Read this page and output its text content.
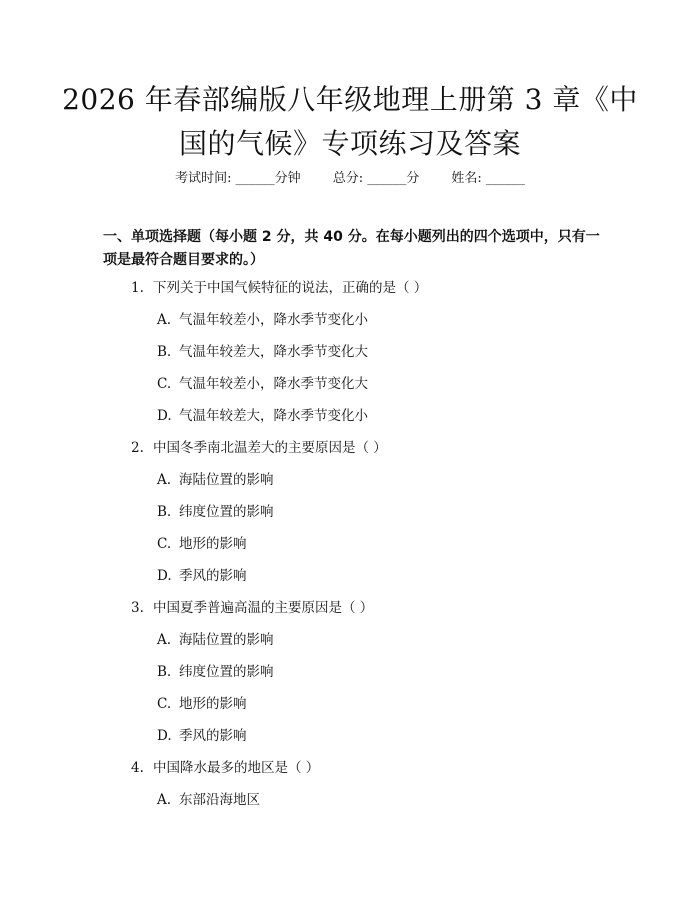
2026 年春部编版八年级地理上册第 3 章《中
国的气候》专项练习及答案
考试时间: ______分钟 总分: ______分 姓名: ______
一、单项选择题（每小题 2 分，共 40 分。在每小题列出的四个选项中，只有一项是最符合题目要求的。）
1. 下列关于中国气候特征的说法，正确的是（ ）
A. 气温年较差小，降水季节变化小
B. 气温年较差大，降水季节变化大
C. 气温年较差小，降水季节变化大
D. 气温年较差大，降水季节变化小
2. 中国冬季南北温差大的主要原因是（ ）
A. 海陆位置的影响
B. 纬度位置的影响
C. 地形的影响
D. 季风的影响
3. 中国夏季普遍高温的主要原因是（ ）
A. 海陆位置的影响
B. 纬度位置的影响
C. 地形的影响
D. 季风的影响
4. 中国降水最多的地区是（ ）
A. 东部沿海地区
